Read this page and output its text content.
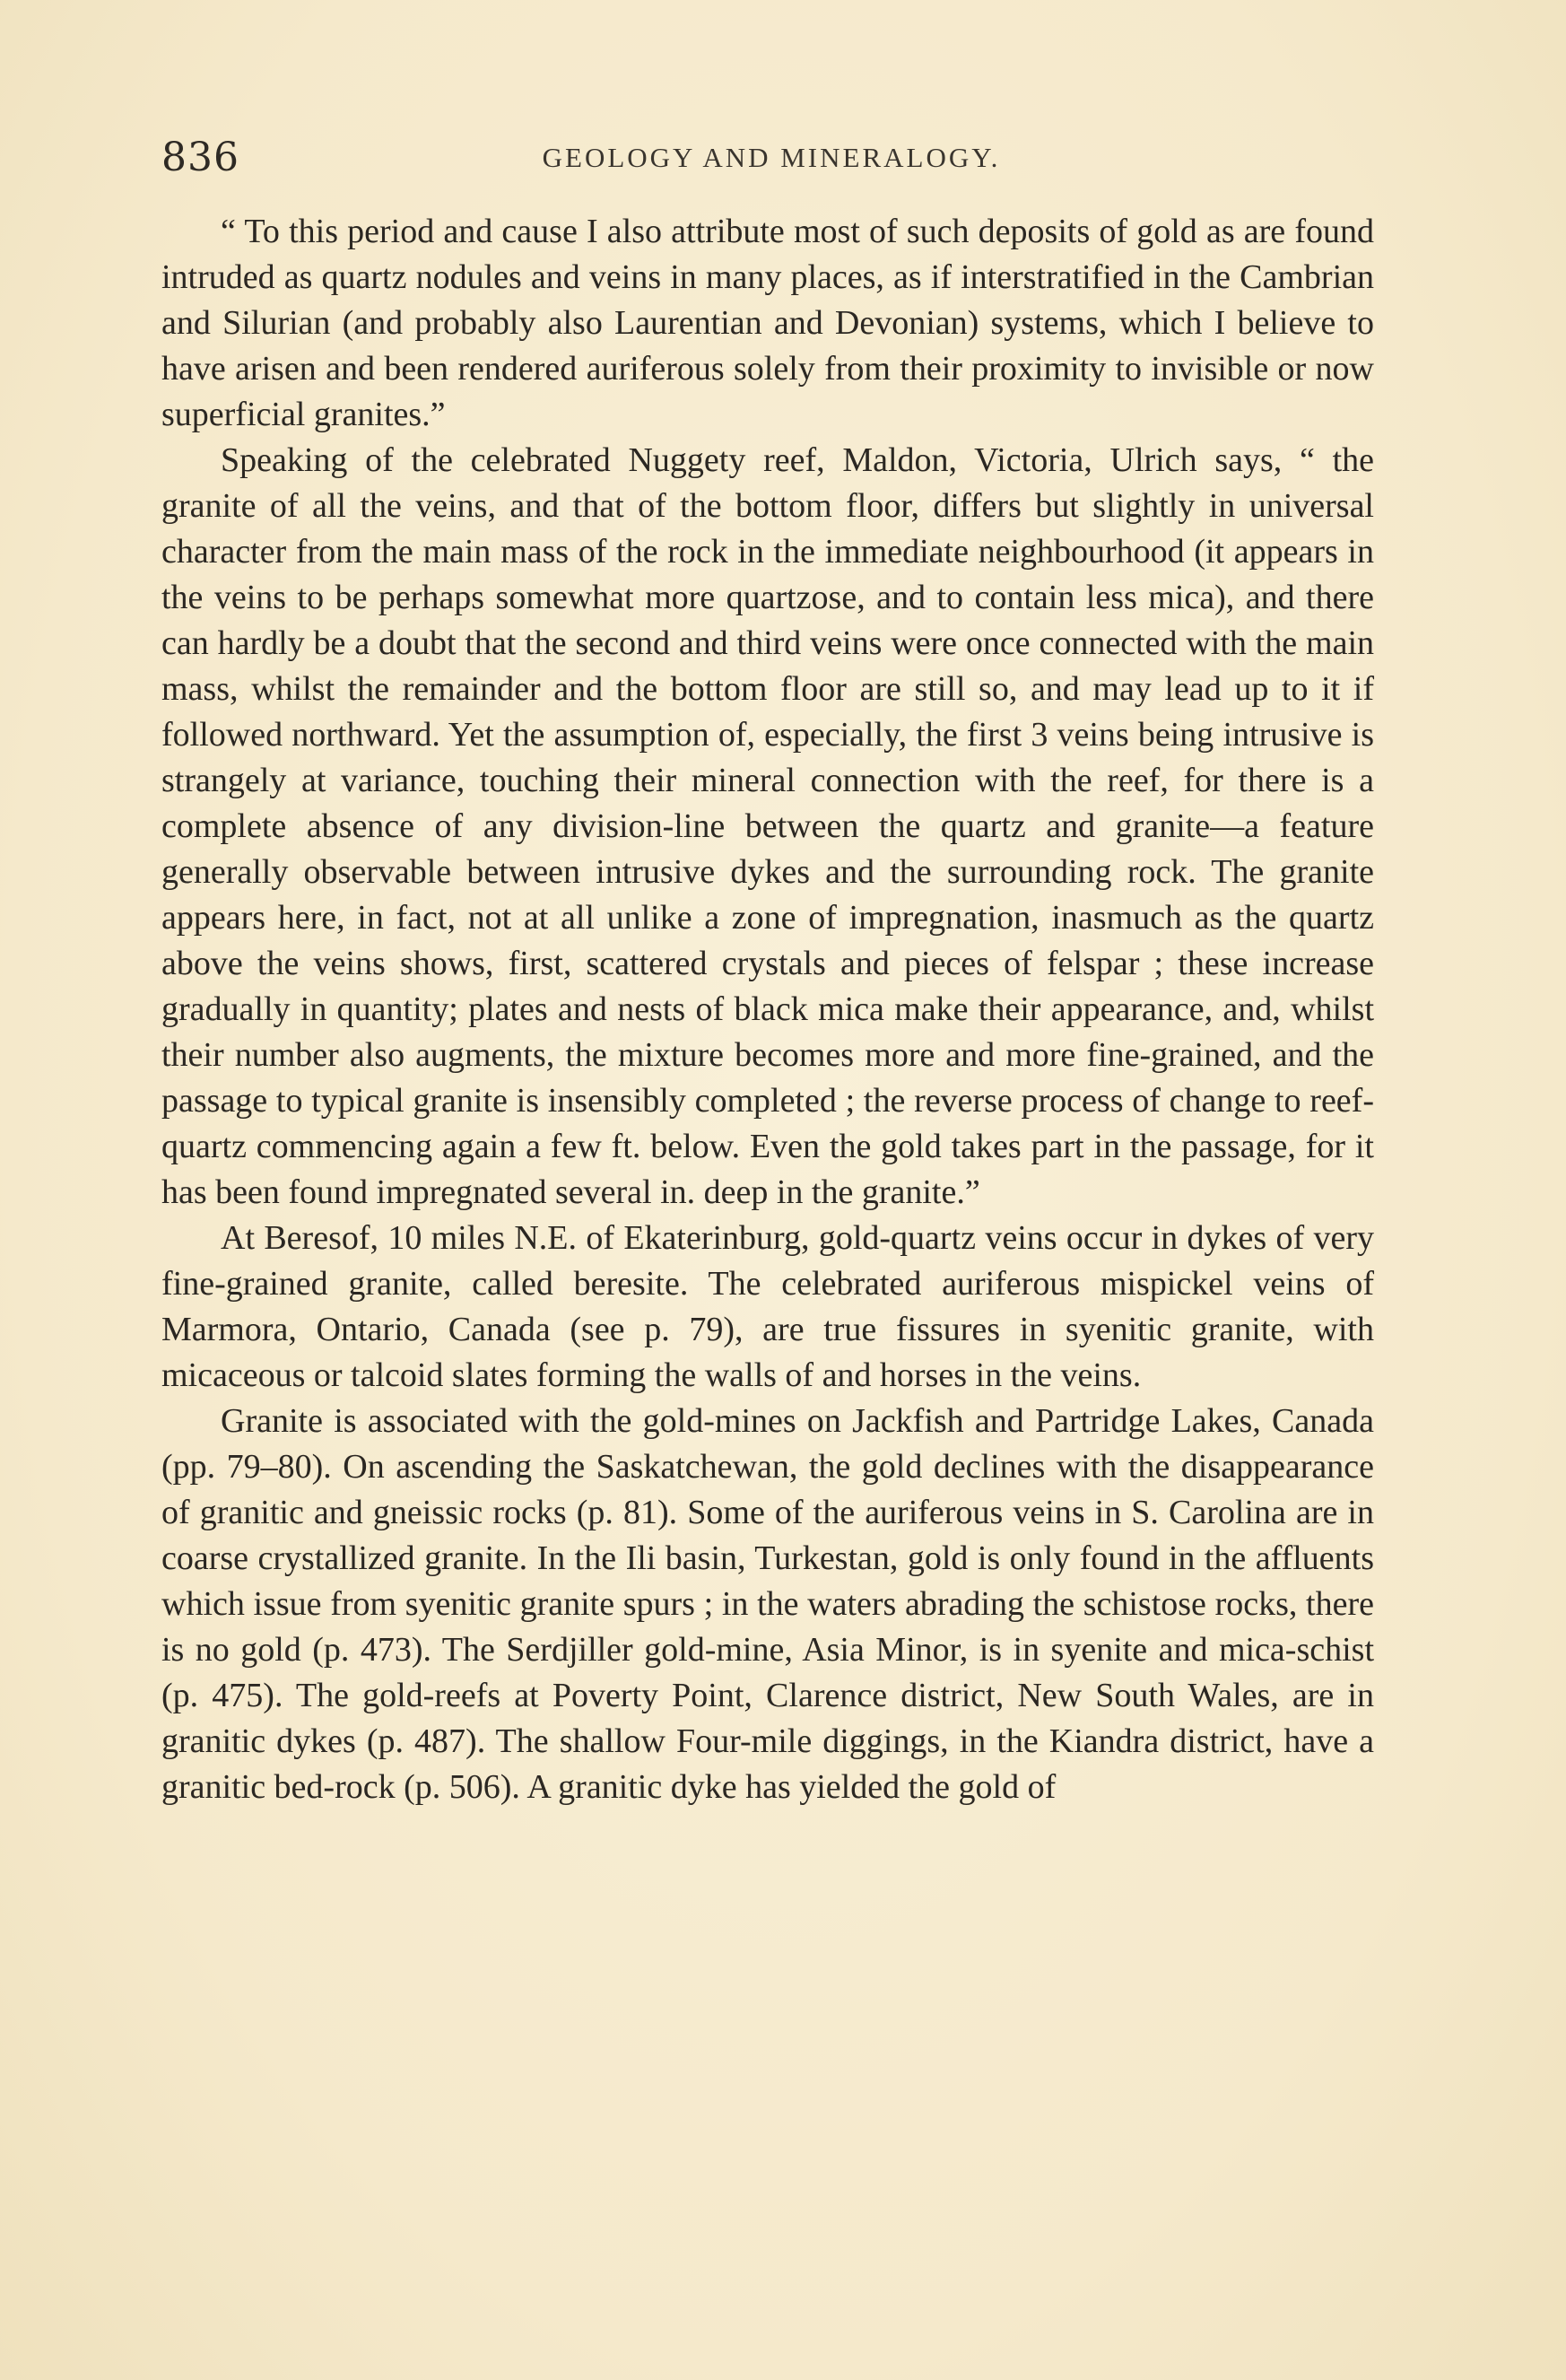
836	GEOLOGY AND MINERALOGY.

“ To this period and cause I also attribute most of such deposits of gold as are found intruded as quartz nodules and veins in many places, as if interstratified in the Cambrian and Silurian (and probably also Laurentian and Devonian) systems, which I believe to have arisen and been rendered auriferous solely from their proximity to invisible or now superficial granites.”

Speaking of the celebrated Nuggety reef, Maldon, Victoria, Ulrich says, “ the granite of all the veins, and that of the bottom floor, differs but slightly in universal character from the main mass of the rock in the immediate neighbourhood (it appears in the veins to be perhaps somewhat more quartzose, and to contain less mica), and there can hardly be a doubt that the second and third veins were once connected with the main mass, whilst the remainder and the bottom floor are still so, and may lead up to it if followed northward. Yet the assumption of, especially, the first 3 veins being intrusive is strangely at variance, touching their mineral connection with the reef, for there is a complete absence of any division-line between the quartz and granite—a feature generally observable between intrusive dykes and the surrounding rock. The granite appears here, in fact, not at all unlike a zone of impregnation, inasmuch as the quartz above the veins shows, first, scattered crystals and pieces of felspar ; these increase gradually in quantity; plates and nests of black mica make their appearance, and, whilst their number also augments, the mixture becomes more and more fine-grained, and the passage to typical granite is insensibly completed ; the reverse process of change to reef-quartz commencing again a few ft. below. Even the gold takes part in the passage, for it has been found impregnated several in. deep in the granite.”

At Beresof, 10 miles N.E. of Ekaterinburg, gold-quartz veins occur in dykes of very fine-grained granite, called beresite. The celebrated auriferous mispickel veins of Marmora, Ontario, Canada (see p. 79), are true fissures in syenitic granite, with micaceous or talcoid slates forming the walls of and horses in the veins.

Granite is associated with the gold-mines on Jackfish and Partridge Lakes, Canada (pp. 79–80). On ascending the Saskatchewan, the gold declines with the disappearance of granitic and gneissic rocks (p. 81). Some of the auriferous veins in S. Carolina are in coarse crystallized granite. In the Ili basin, Turkestan, gold is only found in the affluents which issue from syenitic granite spurs ; in the waters abrading the schistose rocks, there is no gold (p. 473). The Serdjiller gold-mine, Asia Minor, is in syenite and mica-schist (p. 475). The gold-reefs at Poverty Point, Clarence district, New South Wales, are in granitic dykes (p. 487). The shallow Four-mile diggings, in the Kiandra district, have a granitic bed-rock (p. 506). A granitic dyke has yielded the gold of
